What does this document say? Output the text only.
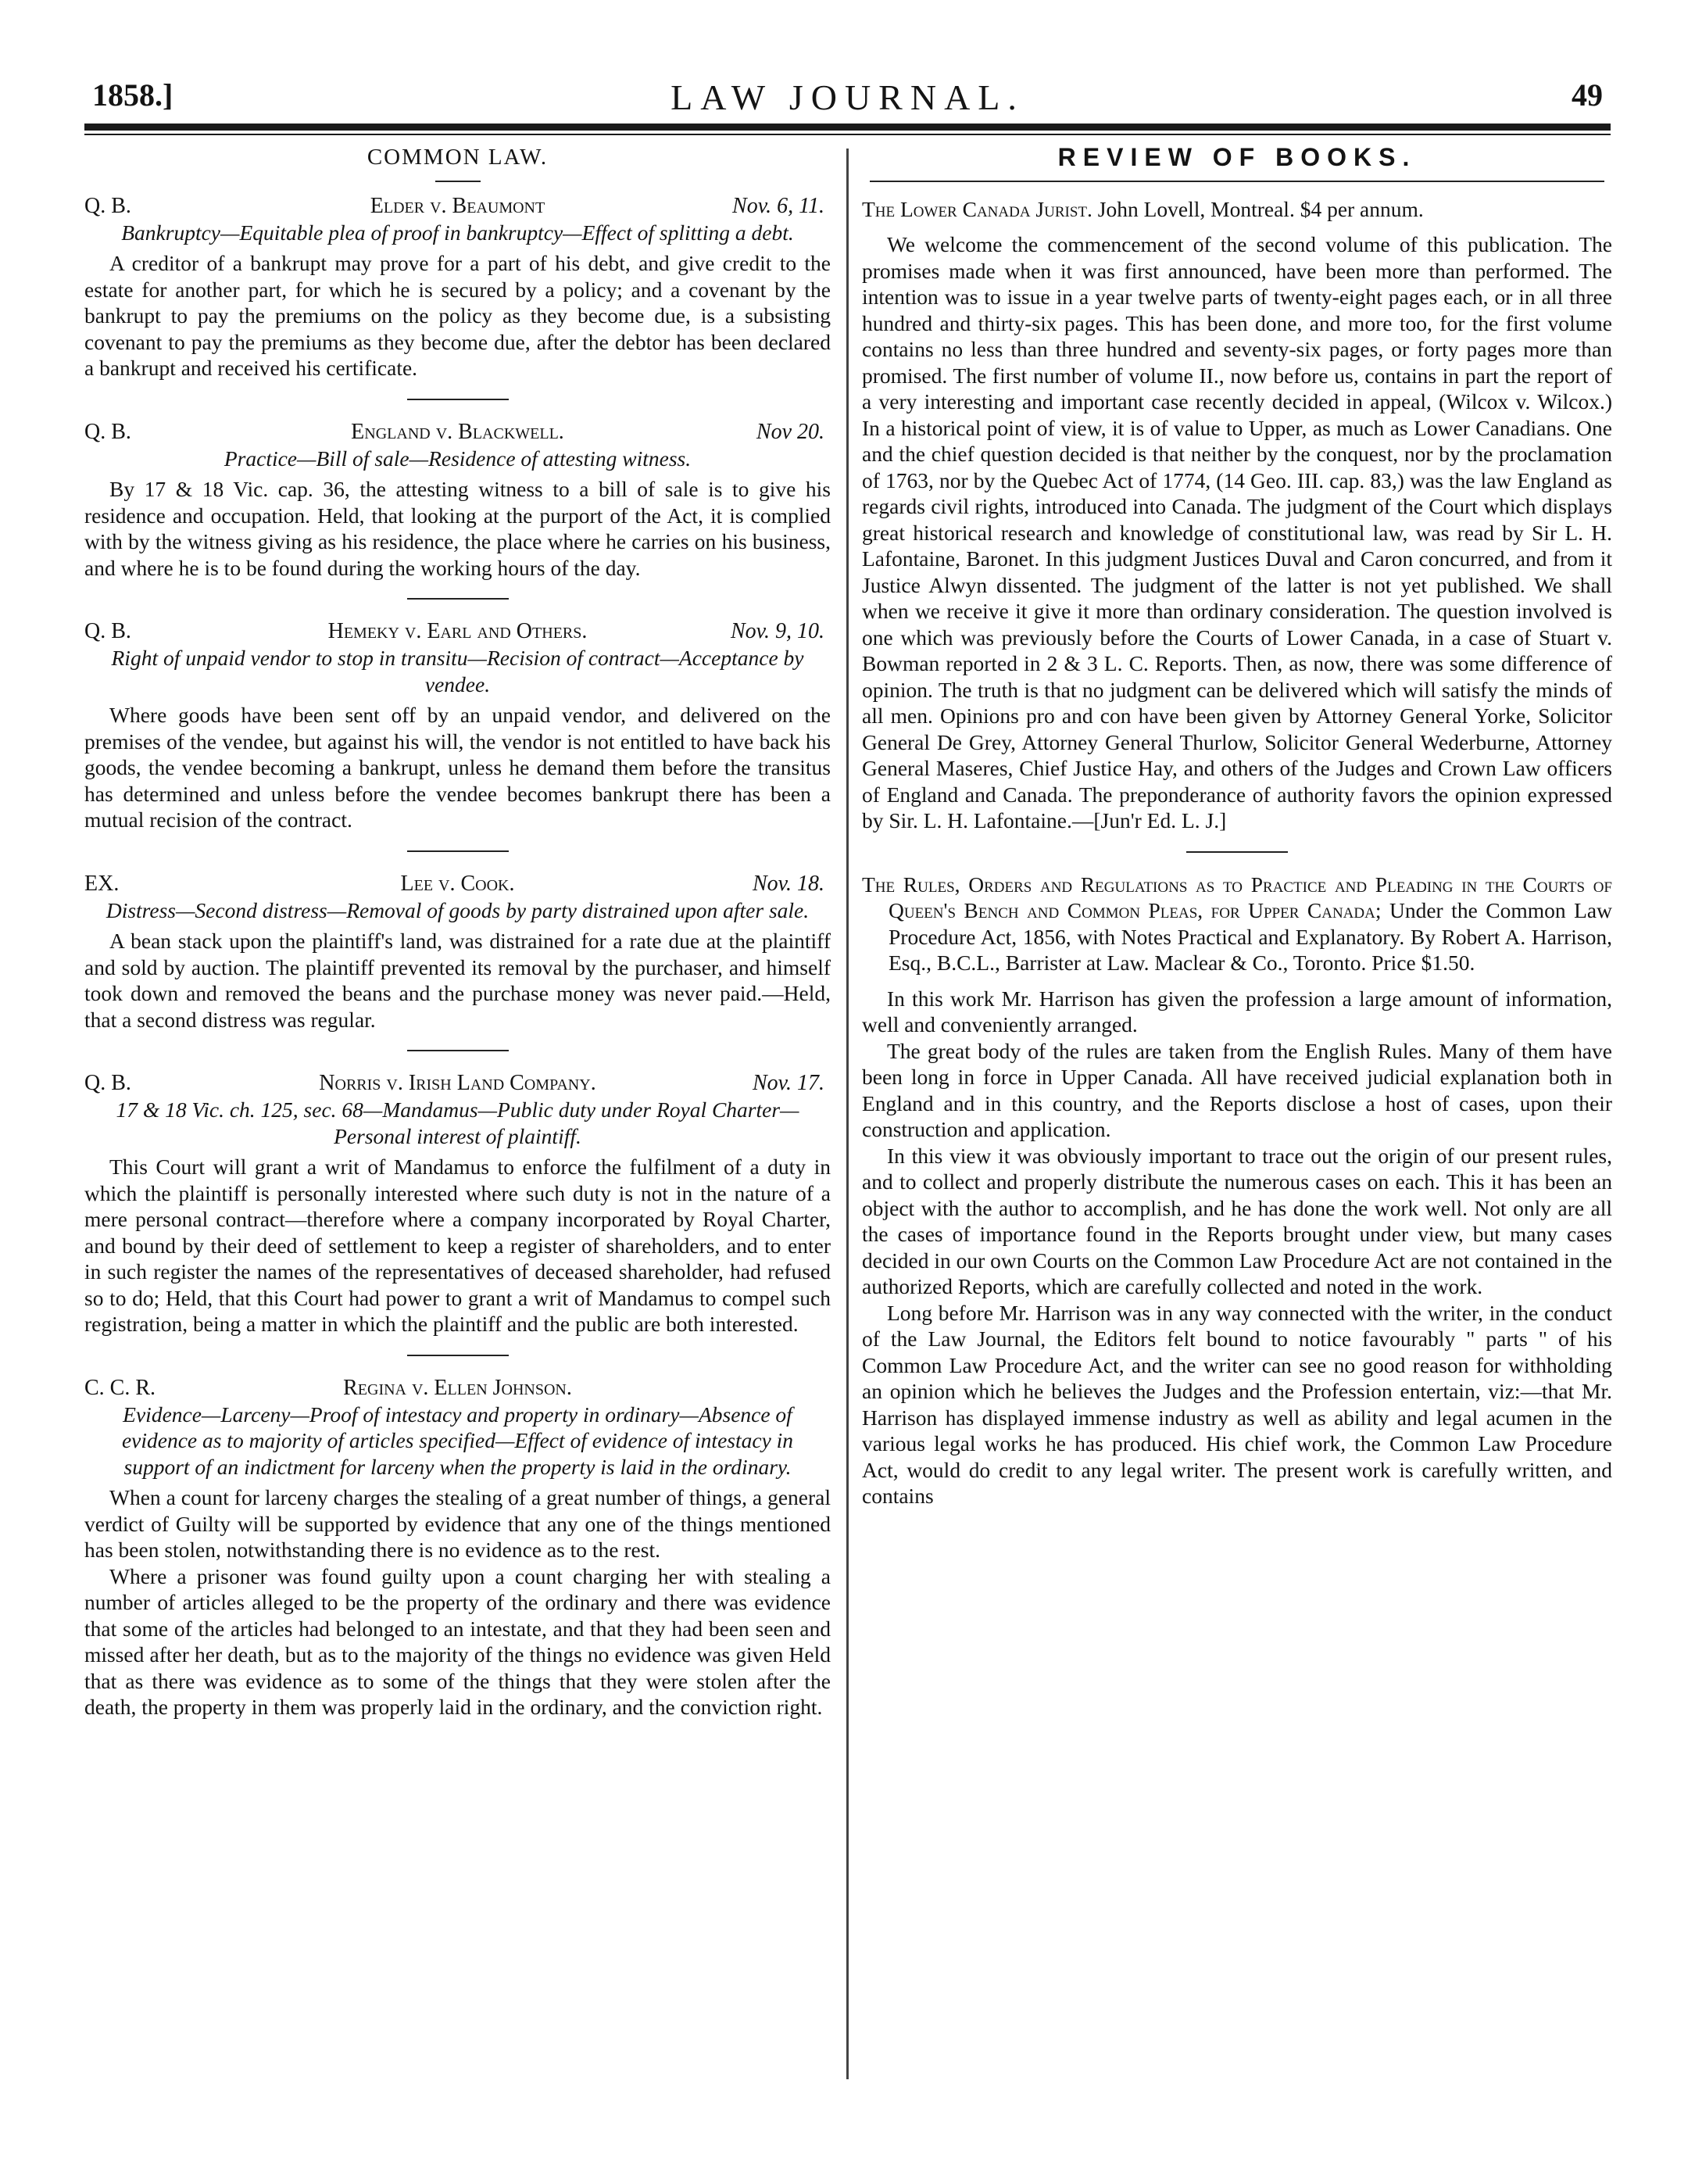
1858.]	LAW JOURNAL.	49
COMMON LAW.
Q. B.	Elder v. Beaumont	Nov. 6, 11.
Bankruptcy—Equitable plea of proof in bankruptcy—Effect of splitting a debt.

A creditor of a bankrupt may prove for a part of his debt, and give credit to the estate for another part, for which he is secured by a policy; and a covenant by the bankrupt to pay the premiums on the policy as they become due, is a subsisting covenant to pay the premiums as they become due, after the debtor has been declared a bankrupt and received his certificate.

Q. B.	England v. Blackwell.	Nov 20.
Practice—Bill of sale—Residence of attesting witness.

By 17 & 18 Vic. cap. 36, the attesting witness to a bill of sale is to give his residence and occupation. Held, that looking at the purport of the Act, it is complied with by the witness giving as his residence, the place where he carries on his business, and where he is to be found during the working hours of the day.

Q. B.	Hemeky v. Earl and Others.	Nov. 9, 10.
Right of unpaid vendor to stop in transitu—Recision of contract—Acceptance by vendee.

Where goods have been sent off by an unpaid vendor, and delivered on the premises of the vendee, but against his will, the vendor is not entitled to have back his goods, the vendee becoming a bankrupt, unless he demand them before the transitus has determined and unless before the vendee becomes bankrupt there has been a mutual recision of the contract.

EX.	Lee v. Cook.	Nov. 18.
Distress—Second distress—Removal of goods by party distrained upon after sale.

A bean stack upon the plaintiff's land, was distrained for a rate due at the plaintiff and sold by auction. The plaintiff prevented its removal by the purchaser, and himself took down and removed the beans and the purchase money was never paid.—Held, that a second distress was regular.

Q. B.	Norris v. Irish Land Company.	Nov. 17.
17 & 18 Vic. ch. 125, sec. 68—Mandamus—Public duty under Royal Charter—Personal interest of plaintiff.

This Court will grant a writ of Mandamus to enforce the fulfilment of a duty in which the plaintiff is personally interested where such duty is not in the nature of a mere personal contract—therefore where a company incorporated by Royal Charter, and bound by their deed of settlement to keep a register of shareholders, and to enter in such register the names of the representatives of deceased shareholder, had refused so to do; Held, that this Court had power to grant a writ of Mandamus to compel such registration, being a matter in which the plaintiff and the public are both interested.

C. C. R.	Regina v. Ellen Johnson.
Evidence—Larceny—Proof of intestacy and property in ordinary—Absence of evidence as to majority of articles specified—Effect of evidence of intestacy in support of an indictment for larceny when the property is laid in the ordinary.

When a count for larceny charges the stealing of a great number of things, a general verdict of Guilty will be supported by evidence that any one of the things mentioned has been stolen, notwithstanding there is no evidence as to the rest.

Where a prisoner was found guilty upon a count charging her with stealing a number of articles alleged to be the property of the ordinary and there was evidence that some of the articles had belonged to an intestate, and that they had been seen and missed after her death, but as to the majority of the things no evidence was given Held that as there was evidence as to some of the things that they were stolen after the death, the property in them was properly laid in the ordinary, and the conviction right.

REVIEW OF BOOKS.
The Lower Canada Jurist. John Lovell, Montreal. $4 per annum.

We welcome the commencement of the second volume of this publication. The promises made when it was first announced, have been more than performed. The intention was to issue in a year twelve parts of twenty-eight pages each, or in all three hundred and thirty-six pages. This has been done, and more too, for the first volume contains no less than three hundred and seventy-six pages, or forty pages more than promised. The first number of volume II., now before us, contains in part the report of a very interesting and important case recently decided in appeal, (Wilcox v. Wilcox.) In a historical point of view, it is of value to Upper, as much as Lower Canadians. One and the chief question decided is that neither by the conquest, nor by the proclamation of 1763, nor by the Quebec Act of 1774, (14 Geo. III. cap. 83,) was the law England as regards civil rights, introduced into Canada. The judgment of the Court which displays great historical research and knowledge of constitutional law, was read by Sir L. H. Lafontaine, Baronet. In this judgment Justices Duval and Caron concurred, and from it Justice Alwyn dissented. The judgment of the latter is not yet published. We shall when we receive it give it more than ordinary consideration. The question involved is one which was previously before the Courts of Lower Canada, in a case of Stuart v. Bowman reported in 2 & 3 L. C. Reports. Then, as now, there was some difference of opinion. The truth is that no judgment can be delivered which will satisfy the minds of all men. Opinions pro and con have been given by Attorney General Yorke, Solicitor General De Grey, Attorney General Thurlow, Solicitor General Wederburne, Attorney General Maseres, Chief Justice Hay, and others of the Judges and Crown Law officers of England and Canada. The preponderance of authority favors the opinion expressed by Sir. L. H. Lafontaine.—[Jun'r Ed. L. J.]

The Rules, Orders and Regulations as to Practice and Pleading in the Courts of Queen's Bench and Common Pleas, for Upper Canada; Under the Common Law Procedure Act, 1856, with Notes Practical and Explanatory. By Robert A. Harrison, Esq., B.C.L., Barrister at Law. Maclear & Co., Toronto. Price $1.50.

In this work Mr. Harrison has given the profession a large amount of information, well and conveniently arranged.

The great body of the rules are taken from the English Rules. Many of them have been long in force in Upper Canada. All have received judicial explanation both in England and in this country, and the Reports disclose a host of cases, upon their construction and application.

In this view it was obviously important to trace out the origin of our present rules, and to collect and properly distribute the numerous cases on each. This it has been an object with the author to accomplish, and he has done the work well. Not only are all the cases of importance found in the Reports brought under view, but many cases decided in our own Courts on the Common Law Procedure Act are not contained in the authorized Reports, which are carefully collected and noted in the work.

Long before Mr. Harrison was in any way connected with the writer, in the conduct of the Law Journal, the Editors felt bound to notice favourably " parts " of his Common Law Procedure Act, and the writer can see no good reason for withholding an opinion which he believes the Judges and the Profession entertain, viz:—that Mr. Harrison has displayed immense industry as well as ability and legal acumen in the various legal works he has produced. His chief work, the Common Law Procedure Act, would do credit to any legal writer. The present work is carefully written, and contains
